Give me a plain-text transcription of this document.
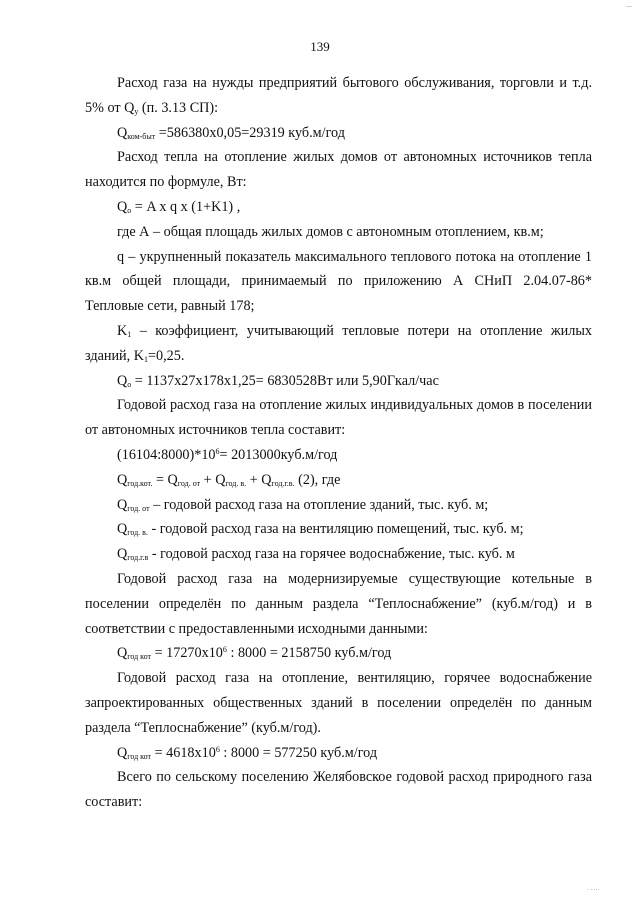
...
139

Расход газа на нужды предприятий бытового обслуживания, торговли и т.д. 5% от $Q_у$ (п. 3.13 СП):

$Q_{ком-быт} =586380х0,05=29319$ куб.м/год

Расход тепла на отопление жилых домов от автономных источников тепла находится по формуле, Вт:

$Q_о = A$ x q x (1+K1) ,

где А – общая площадь жилых домов с автономным отоплением, кв.м;

q – укрупненный показатель максимального теплового потока на отопление 1 кв.м общей площади, принимаемый по приложению А СНиП 2.04.07-86* Тепловые сети, равный 178;

$K_1$ – коэффициент, учитывающий тепловые потери на отопление жилых зданий, $K_1=0,25$.

$Q_о = 1137х27х178х1,25= 6830528Вт$ или 5,90Гкал/час

Годовой расход газа на отопление жилых индивидуальных домов в поселении от автономных источников тепла составит:

$(16104:8000)*10^6= 2013000куб.м/год$

$Q_{год.кот.} = Q_{год. от} + Q_{год. в.} + Q_{год.г.в.}$ (2), где

$Q_{год. от}$ – годовой расход газа на отопление зданий, тыс. куб. м;

$Q_{год. в.}$ - годовой расход газа на вентиляцию помещений, тыс. куб. м;

$Q_{год.г.в}$ - годовой расход газа на горячее водоснабжение, тыс. куб. м

Годовой расход газа на модернизируемые существующие котельные в поселении определён по данным раздела “Теплоснабжение” (куб.м/год) и в соответствии с предоставленными исходными данными:

$Q_{год кот} = 17270x10^6$ : 8000 = 2158750 куб.м/год

Годовой расход газа на отопление, вентиляцию, горячее водоснабжение запроектированных общественных зданий в поселении определён по данным раздела “Теплоснабжение” (куб.м/год).

$Q_{год кот} = 4618x10^6$ : 8000 = 577250 куб.м/год

Всего по сельскому поселению Желябовское годовой расход природного газа составит:

· ····
